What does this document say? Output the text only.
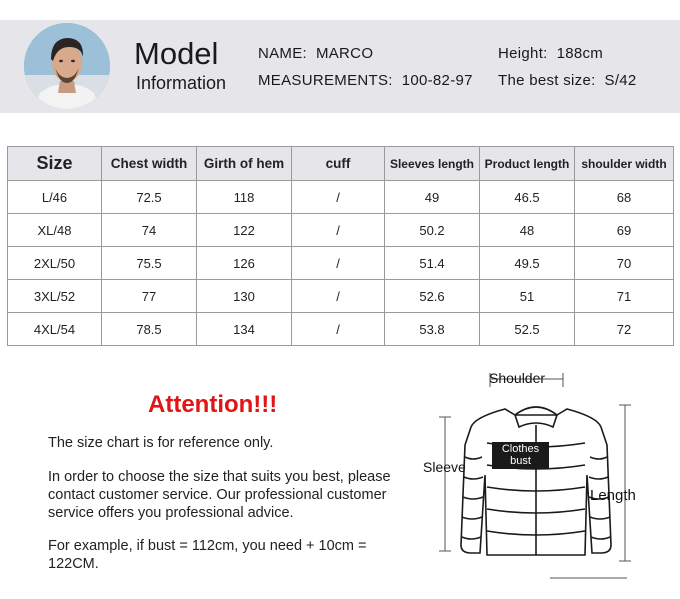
Model
Information
NAME: MARCO
MEASUREMENTS: 100-82-97
Height: 188cm
The best size: S/42
Size	Chest width	Girth of hem	cuff	Sleeves length	Product length	shoulder width
L/46	72.5	118	/	49	46.5	68
XL/48	74	122	/	50.2	48	69
2XL/50	75.5	126	/	51.4	49.5	70
3XL/52	77	130	/	52.6	51	71
4XL/54	78.5	134	/	53.8	52.5	72
Attention!!!
The size chart is for reference only.
In order to choose the size that suits you best, please contact customer service. Our professional customer service offers you professional advice.
For example, if bust = 112cm, you need + 10cm = 122CM.
Shoulder
Sleeve
Length
Clothes
bust
